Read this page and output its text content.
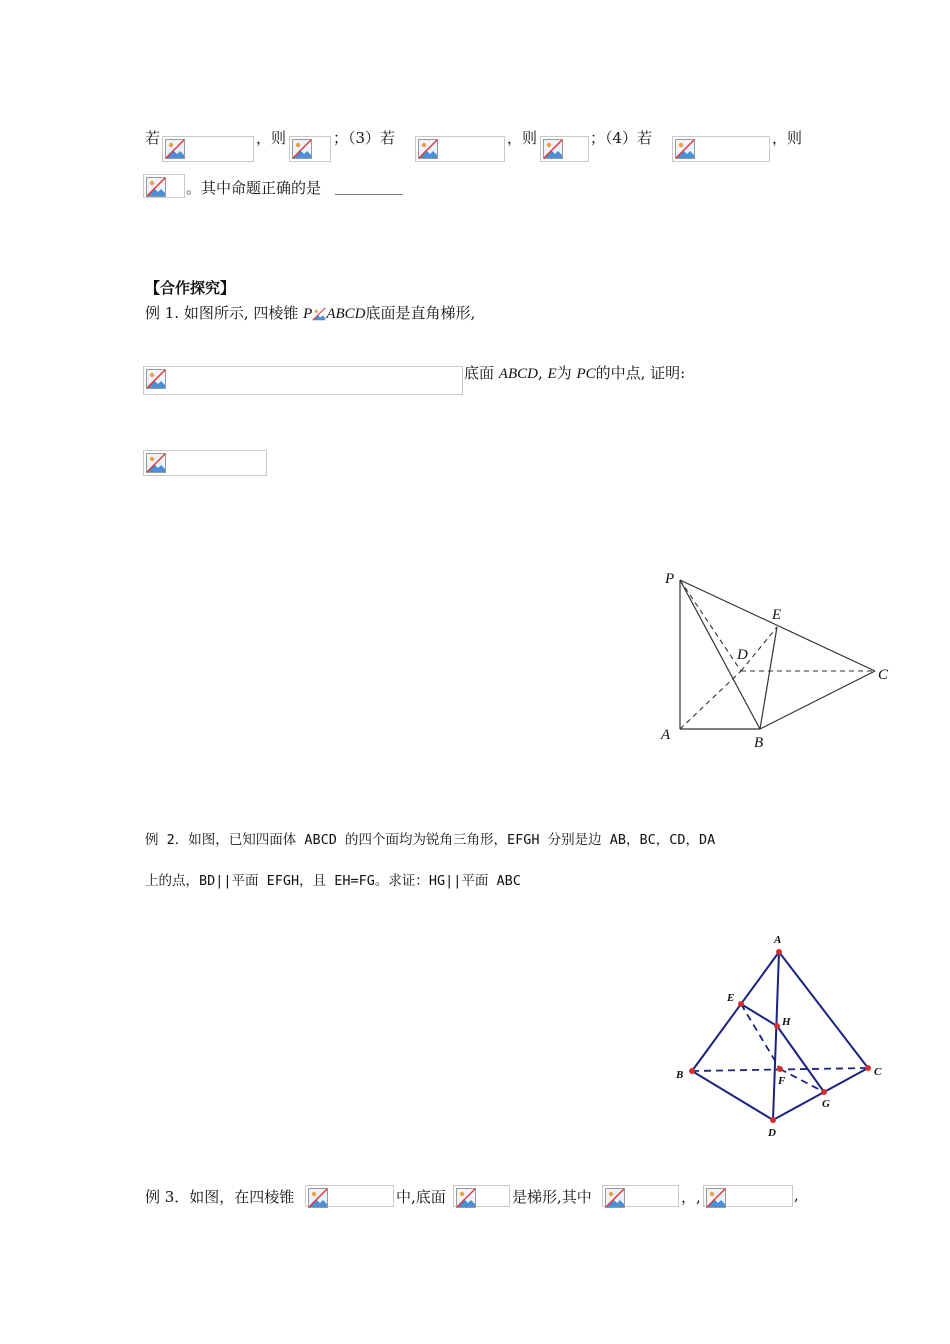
若	，则	；（3）若	，则	；（4）若	，则
。其中命题正确的是 _________
【合作探究】
例 1. 如图所示, 四棱锥 P ABCD底面是直角梯形,
底面 ABCD, E为 PC的中点, 证明:
P
E
D
C
A	B
例 2．如图，已知四面体 ABCD 的四个面均为锐角三角形，EFGH 分别是边 AB，BC，CD，DA
上的点，BD||平面 EFGH，且 EH=FG。求证：HG||平面 ABC
A
E
H
B	F
C
G
D
例 3．如图，在四棱锥	中,底面	是梯形,其中	，,	,
